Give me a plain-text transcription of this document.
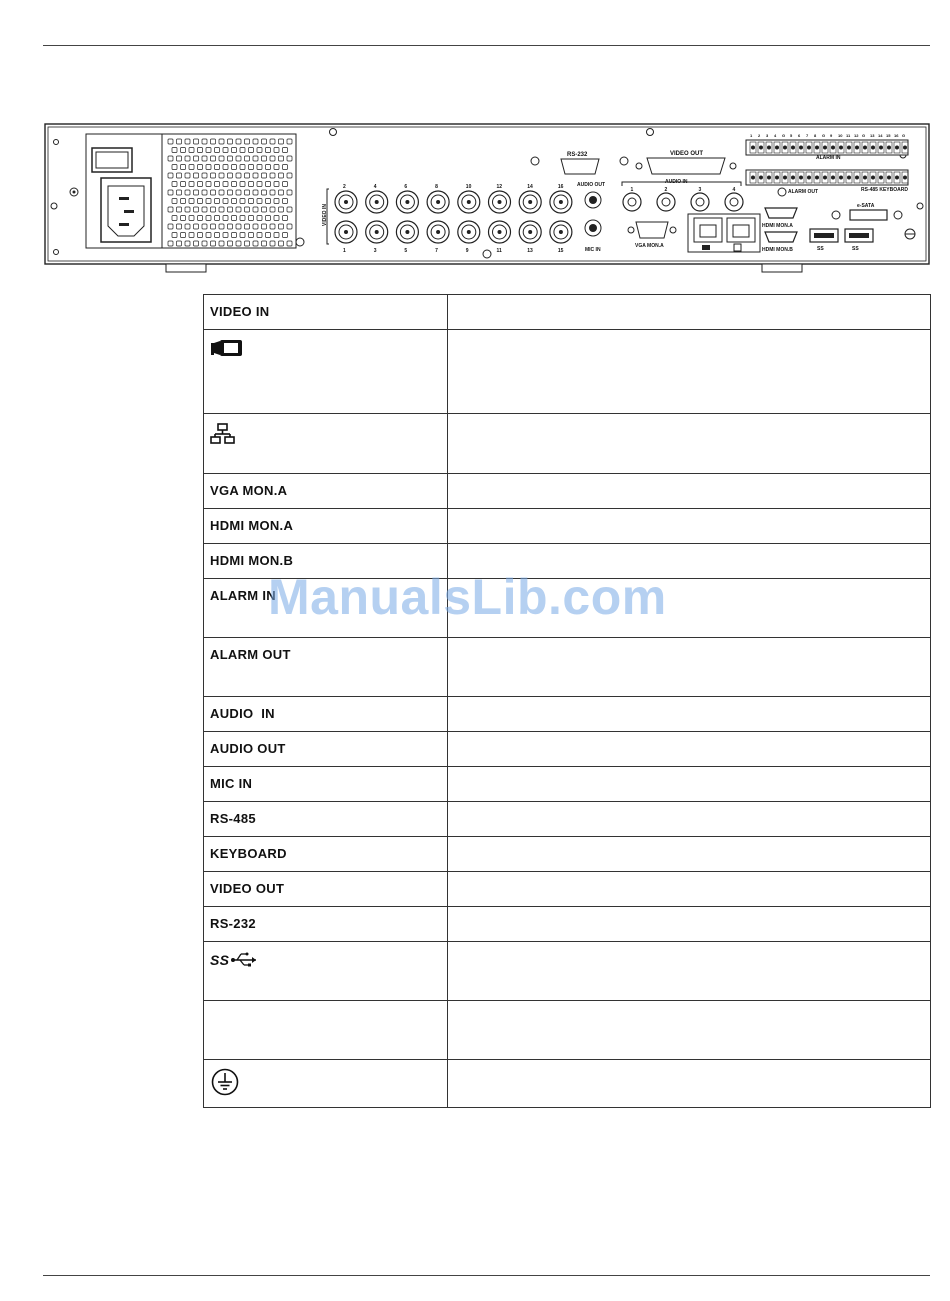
VIDEO IN
2
1
4
3
6
5
8
7
10
9
12
11
14
13
16
15
RS-232	VIDEO OUT
AUDIO OUT
MIC IN
AUDIO IN
1	2	3	4
VGA MON.A
HDMI MON.A
HDMI MON.B	SS	SS
e-SATA
1 2 3 4 G 5 6 7 8 G 9 10 11 12 G 13 14 15 16 G
ALARM IN
ALARM OUT	RS-485 KEYBOARD
VIDEO IN	

VGA MON.A	
HDMI MON.A	
HDMI MON.B	
ALARM IN	
ALARM OUT	
AUDIO  IN	
AUDIO OUT	
MIC IN	
RS-485	
KEYBOARD	
VIDEO OUT	
RS-232	

SS	

ManualsLib.com
